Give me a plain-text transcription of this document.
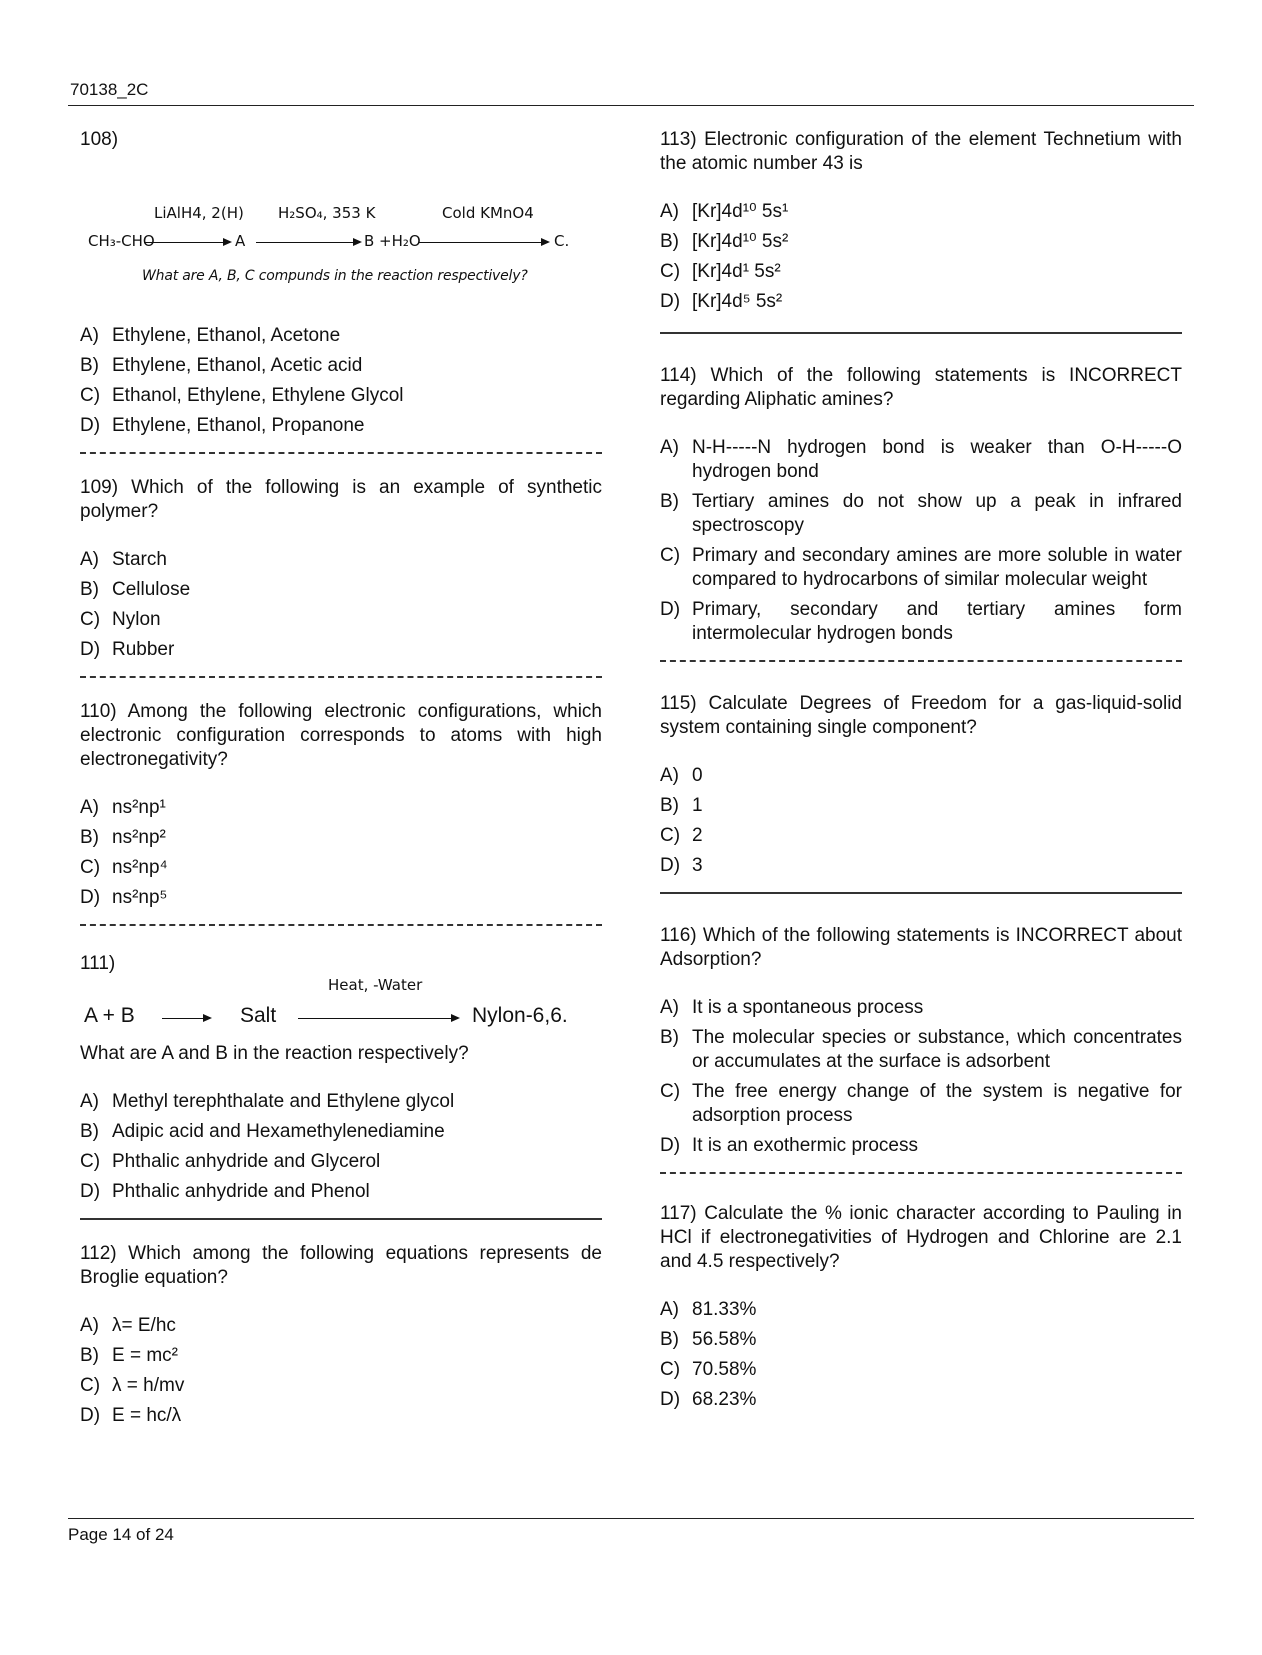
70138_2C
108)
LiAlH4, 2(H) H₂SO₄, 353 K	Cold KMnO4
CH₃-CHO	A	B +H₂O	C.
What are A, B, C compunds in the reaction respectively?
A) Ethylene, Ethanol, Acetone
B) Ethylene, Ethanol, Acetic acid
C) Ethanol, Ethylene, Ethylene Glycol
D) Ethylene, Ethanol, Propanone
109) Which of the following is an example of synthetic polymer?
A) Starch
B) Cellulose
C) Nylon
D) Rubber
110) Among the following electronic configurations, which electronic configuration corresponds to atoms with high electronegativity?
A) ns²np¹
B) ns²np²
C) ns²np⁴
D) ns²np⁵
111)
Heat, -Water
A + B	Salt	Nylon-6,6.
What are A and B in the reaction respectively?
A) Methyl terephthalate and Ethylene glycol
B) Adipic acid and Hexamethylenediamine
C) Phthalic anhydride and Glycerol
D) Phthalic anhydride and Phenol
112) Which among the following equations represents de Broglie equation?
A) λ= E/hc
B) E = mc²
C) λ = h/mv
D) E = hc/λ
113) Electronic configuration of the element Technetium with the atomic number 43 is
A) [Kr]4d¹⁰ 5s¹
B) [Kr]4d¹⁰ 5s²
C) [Kr]4d¹ 5s²
D) [Kr]4d⁵ 5s²
114) Which of the following statements is INCORRECT regarding Aliphatic amines?
A) N-H-----N hydrogen bond is weaker than O-H-----O hydrogen bond
B) Tertiary amines do not show up a peak in infrared spectroscopy
C) Primary and secondary amines are more soluble in water compared to hydrocarbons of similar molecular weight
D) Primary, secondary and tertiary amines form intermolecular hydrogen bonds
115) Calculate Degrees of Freedom for a gas-liquid-solid system containing single component?
A) 0
B) 1
C) 2
D) 3
116) Which of the following statements is INCORRECT about Adsorption?
A) It is a spontaneous process
B) The molecular species or substance, which concentrates or accumulates at the surface is adsorbent
C) The free energy change of the system is negative for adsorption process
D) It is an exothermic process
117) Calculate the % ionic character according to Pauling in HCl if electronegativities of Hydrogen and Chlorine are 2.1 and 4.5 respectively?
A) 81.33%
B) 56.58%
C) 70.58%
D) 68.23%
Page 14 of 24
